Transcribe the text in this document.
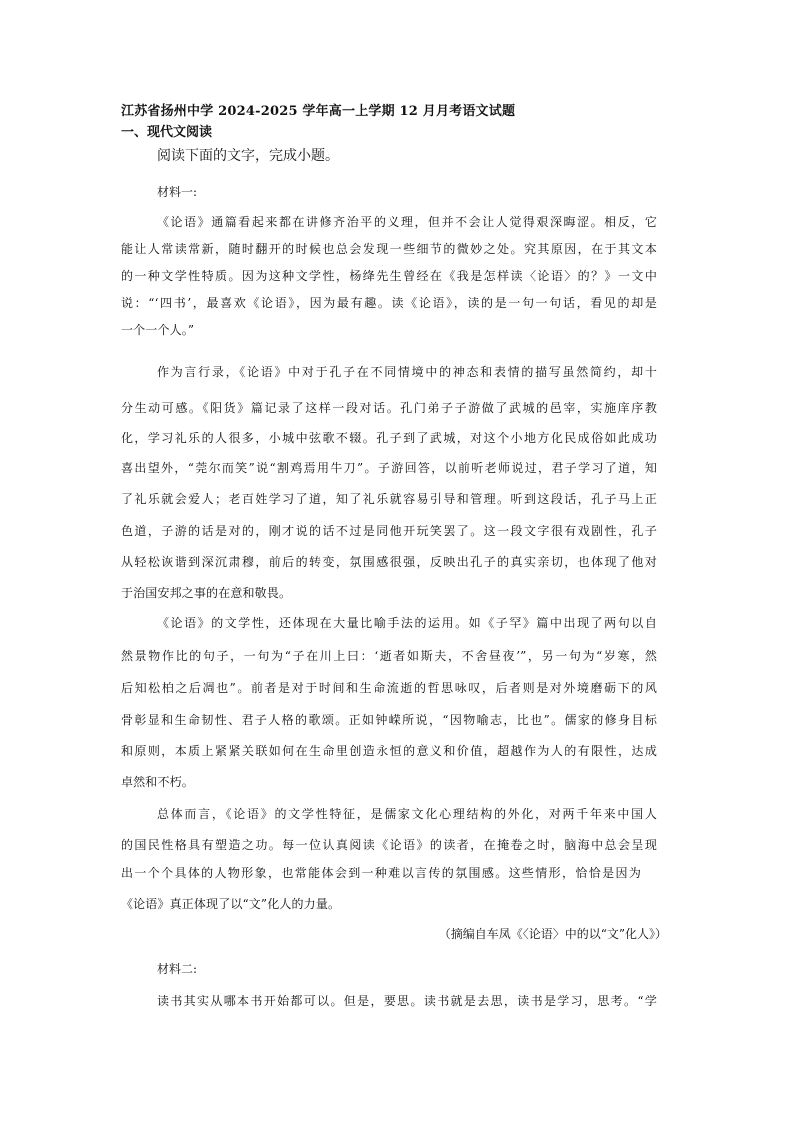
江苏省扬州中学 2024-2025 学年高一上学期 12 月月考语文试题
一、现代文阅读
阅读下面的文字，完成小题。
材料一:
《论语》通篇看起来都在讲修齐治平的义理，但并不会让人觉得艰深晦涩。相反，它
能让人常读常新，随时翻开的时候也总会发现一些细节的微妙之处。究其原因，在于其文本
的一种文学性特质。因为这种文学性，杨绛先生曾经在《我是怎样读〈论语〉的？》一文中
说：“‘四书’，最喜欢《论语》，因为最有趣。读《论语》，读的是一句一句话，看见的却是
一个一个人。”
作为言行录，《论语》中对于孔子在不同情境中的神态和表情的描写虽然简约，却十
分生动可感。《阳货》篇记录了这样一段对话。孔门弟子子游做了武城的邑宰，实施庠序教
化，学习礼乐的人很多，小城中弦歌不辍。孔子到了武城，对这个小地方化民成俗如此成功
喜出望外，“莞尔而笑”说“割鸡焉用牛刀”。子游回答，以前听老师说过，君子学习了道，知
了礼乐就会爱人；老百姓学习了道，知了礼乐就容易引导和管理。听到这段话，孔子马上正
色道，子游的话是对的，刚才说的话不过是同他开玩笑罢了。这一段文字很有戏剧性，孔子
从轻松诙谐到深沉肃穆，前后的转变，氛围感很强，反映出孔子的真实亲切，也体现了他对
于治国安邦之事的在意和敬畏。
《论语》的文学性，还体现在大量比喻手法的运用。如《子罕》篇中出现了两句以自
然景物作比的句子，一句为“子在川上曰：‘逝者如斯夫，不舍昼夜’”，另一句为“岁寒，然
后知松柏之后凋也”。前者是对于时间和生命流逝的哲思咏叹，后者则是对外境磨砺下的风
骨彰显和生命韧性、君子人格的歌颂。正如钟嵘所说，“因物喻志，比也”。儒家的修身目标
和原则，本质上紧紧关联如何在生命里创造永恒的意义和价值，超越作为人的有限性，达成
卓然和不朽。
总体而言，《论语》的文学性特征，是儒家文化心理结构的外化，对两千年来中国人
的国民性格具有塑造之功。每一位认真阅读《论语》的读者，在掩卷之时，脑海中总会呈现
出一个个具体的人物形象，也常能体会到一种难以言传的氛围感。这些情形，恰恰是因为
《论语》真正体现了以“文”化人的力量。
（摘编自车凤《〈论语〉中的以“文”化人》）
材料二:
读书其实从哪本书开始都可以。但是，要思。读书就是去思，读书是学习，思考。“学
